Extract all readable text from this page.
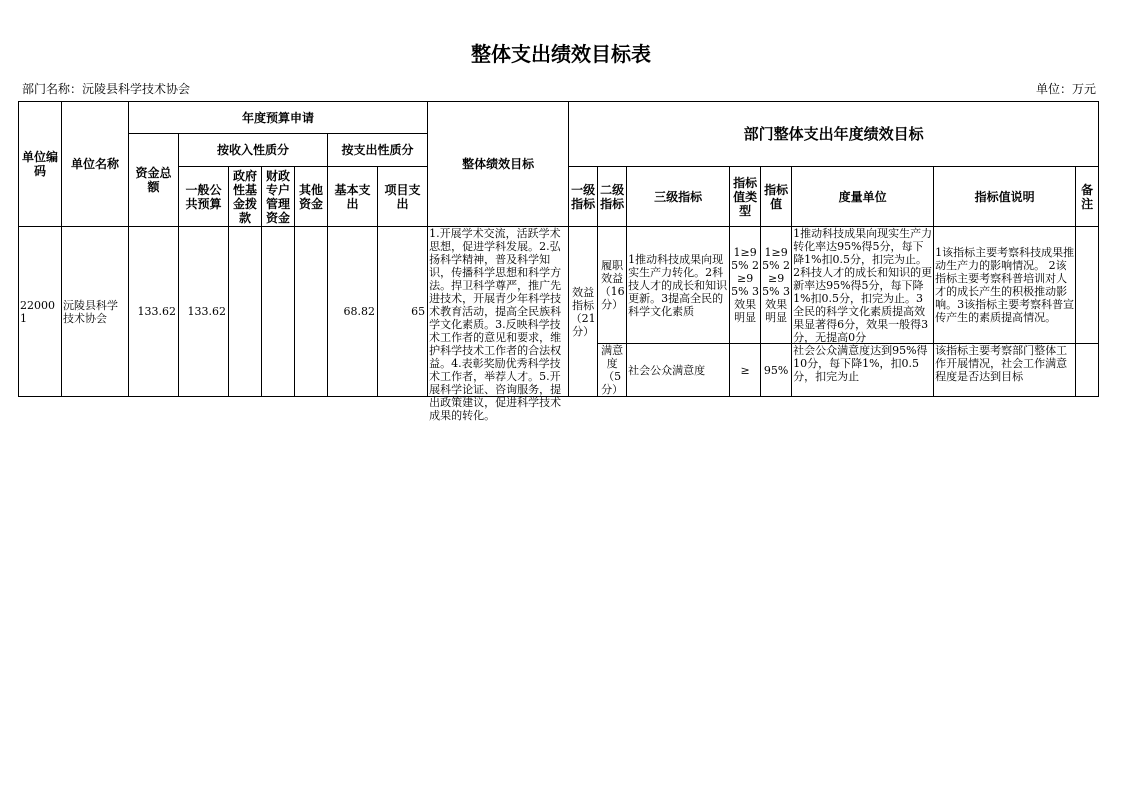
整体支出绩效目标表
部门名称：沅陵县科学技术协会	单位：万元
单位编码	单位名称	年度预算申请							整体绩效目标	部门整体支出年度绩效目标							
		资金总额	按收入性质分				按支出性质分										
			一般公共预算	政府性基金拨款	财政专户管理资金	其他资金	基本支出	项目支出		一级指标	二级指标	三级指标	指标值类型	指标值	度量单位	指标值说明	备注
220001	沅陵县科学技术协会	133.62	133.62				68.82	65	1.开展学术交流，活跃学术思想，促进学科发展。2.弘扬科学精神，普及科学知识，传播科学思想和科学方法。捍卫科学尊严，推广先进技术，开展青少年科学技术教育活动，提高全民族科学文化素质。3.反映科学技术工作者的意见和要求，维护科学技术工作者的合法权益。4.表彰奖励优秀科学技术工作者，举荐人才。5.开展科学论证、咨询服务，提出政策建议，促进科学技术成果的转化。	效益指标（21分）	履职效益（16分）	1推动科技成果向现实生产力转化。2科技人才的成长和知识更新。3提高全民的科学文化素质	1≥95% 2≥95% 3效果明显	1≥95% 2≥95% 3效果明显	1推动科技成果向现实生产力转化率达95%得5分，每下降1%扣0.5分，扣完为止。2科技人才的成长和知识的更新率达95%得5分，每下降1%扣0.5分，扣完为止。3全民的科学文化素质提高效果显著得6分，效果一般得3分，无提高0分	1该指标主要考察科技成果推动生产力的影响情况。 2该指标主要考察科普培训对人才的成长产生的积极推动影响。3该指标主要考察科普宣传产生的素质提高情况。	
											满意度（5分）	社会公众满意度	≥	95%	社会公众满意度达到95%得10分，每下降1%，扣0.5分，扣完为止	该指标主要考察部门整体工作开展情况，社会工作满意程度是否达到目标	
